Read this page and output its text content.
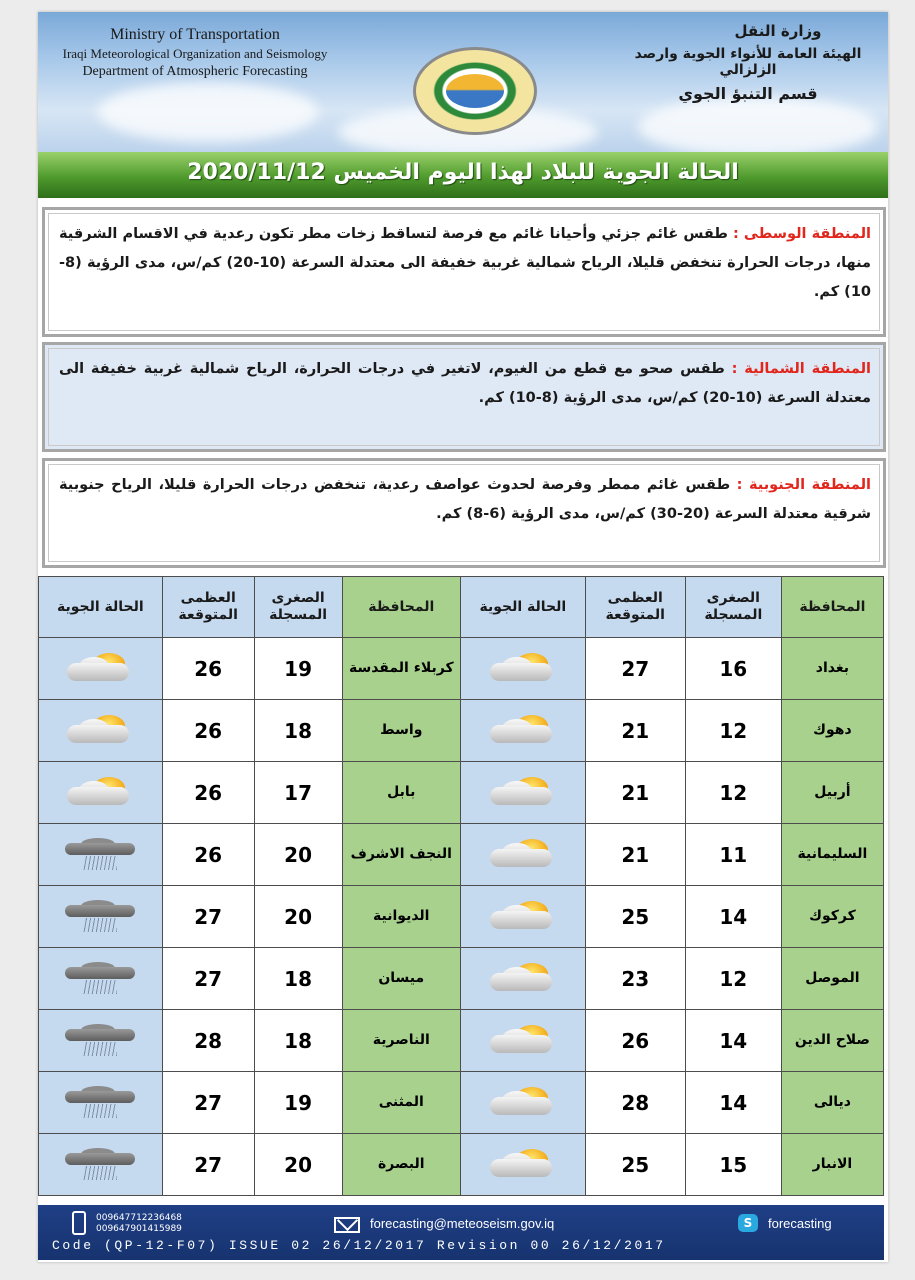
Ministry of Transportation
Iraqi Meteorological Organization and Seismology
Department of Atmospheric Forecasting
وزارة النقل
الهيئة العامة للأنواء الجوية وارصد الزلزالي
قسم التنبؤ الجوي
الحالة الجوية للبلاد لهذا اليوم الخميس 2020/11/12
المنطقة الوسطى : طقس غائم جزئي وأحيانا غائم مع فرصة لتساقط زخات مطر تكون رعدية في الاقسام الشرقية منها، درجات الحرارة تنخفض قليلا، الرياح شمالية غربية خفيفة الى معتدلة السرعة (10-20) كم/س، مدى الرؤية (8-10) كم.
المنطقة الشمالية : طقس صحو مع قطع من الغيوم، لاتغير في درجات الحرارة، الرياح شمالية غربية خفيفة الى معتدلة السرعة (10-20) كم/س، مدى الرؤية (8-10) كم.
المنطقة الجنوبية : طقس غائم ممطر وفرصة لحدوث عواصف رعدية، تنخفض درجات الحرارة قليلا، الرياح جنوبية شرقية معتدلة السرعة (20-30) كم/س، مدى الرؤية (6-8) كم.
المحافظة	الصغرى المسجلة	العظمى المتوقعة	الحالة الجوية	المحافظة	الصغرى المسجلة	العظمى المتوقعة	الحالة الجوية
بغداد	16	27		كربلاء المقدسة	19	26	

دهوك	12	21		واسط	18	26	

أربيل	12	21		بابل	17	26	

السليمانية	11	21		النجف الاشرف	20	26	

كركوك	14	25		الديوانية	20	27	

الموصل	12	23		ميسان	18	27	

صلاح الدين	14	26		الناصرية	18	28	

ديالى	14	28		المثنى	19	27	

الانبار	15	25		البصرة	20	27	
009647712236468
009647901415989	forecasting@meteoseism.gov.iq	S	forecasting
Code (QP-12-F07) ISSUE 02 26/12/2017 Revision 00 26/12/2017
